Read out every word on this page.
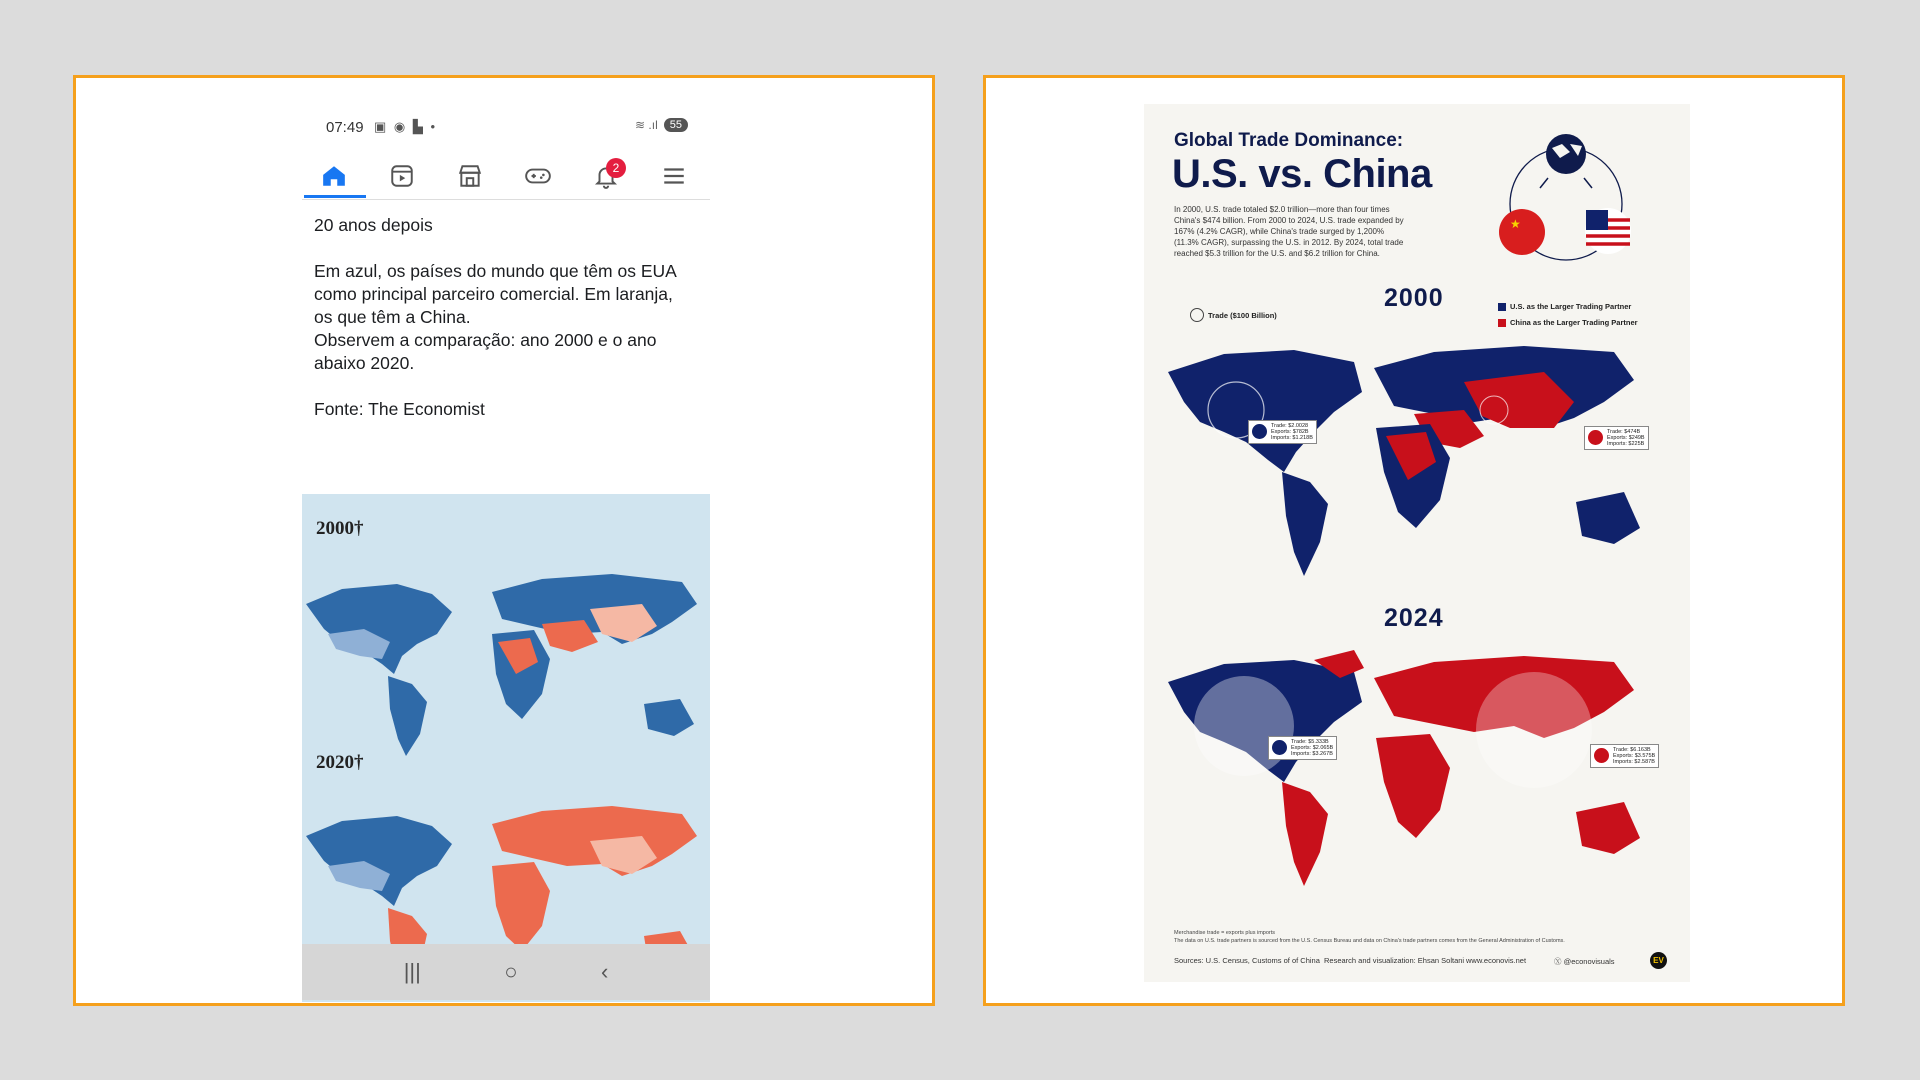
07:49 ▣ ◉ ▙ •	≋ .ıl	55
2

20 anos depois

Em azul, os países do mundo que têm os EUA como principal parceiro comercial. Em laranja, os que têm a China.

Observem a comparação: ano 2000 e o ano abaixo 2020.

Fonte: The Economist

2000†
2020†
|||	○	‹
Global Trade Dominance:
U.S. vs. China
In 2000, U.S. trade totaled $2.0 trillion—more than four times China's $474 billion. From 2000 to 2024, U.S. trade expanded by 167% (4.2% CAGR), while China's trade surged by 1,200% (11.3% CAGR), surpassing the U.S. in 2012. By 2024, total trade reached $5.3 trillion for the U.S. and $6.2 trillion for China.
★
2000
Trade ($100 Billion)
U.S. as the Larger Trading Partner
China as the Larger Trading Partner
Trade: $2.0028
Exports: $782B
Imports: $1.218B
Trade: $474B
Exports: $249B
Imports: $225B
2024
Trade: $5.333B
Exports: $2.065B
Imports: $3.267B
Trade: $6.163B
Exports: $3.575B
Imports: $2.587B
Merchandise trade = exports plus imports
The data on U.S. trade partners is sourced from the U.S. Census Bureau and data on China's trade partners comes from the General Administration of Customs.
Sources: U.S. Census, Customs of of China Research and visualization: Ehsan Soltani www.econovis.net	Ⓧ @econovisuals	EV
